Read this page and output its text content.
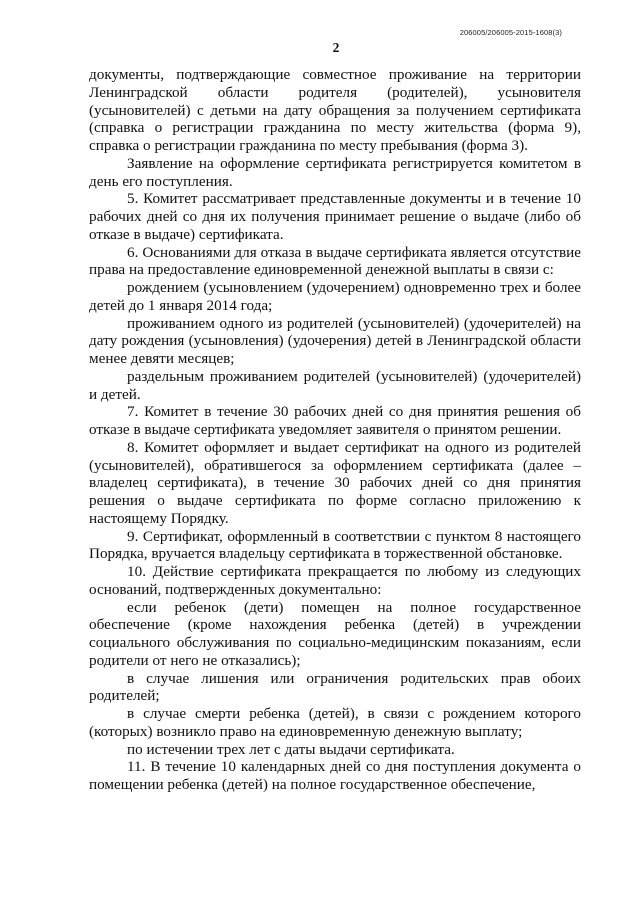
206005/206005-2015-1608(3)
2

документы, подтверждающие совместное проживание на территории Ленинградской области родителя (родителей), усыновителя (усыновителей) с детьми на дату обращения за получением сертификата (справка о регистрации гражданина по месту жительства (форма 9), справка о регистрации гражданина по месту пребывания (форма 3).

Заявление на оформление сертификата регистрируется комитетом в день его поступления.

5. Комитет рассматривает представленные документы и в течение 10 рабочих дней со дня их получения принимает решение о выдаче (либо об отказе в выдаче) сертификата.

6. Основаниями для отказа в выдаче сертификата является отсутствие права на предоставление единовременной денежной выплаты в связи с:

рождением (усыновлением (удочерением) одновременно трех и более детей до 1 января 2014 года;

проживанием одного из родителей (усыновителей) (удочерителей) на дату рождения (усыновления) (удочерения) детей в Ленинградской области менее девяти месяцев;

раздельным проживанием родителей (усыновителей) (удочерителей) и детей.

7. Комитет в течение 30 рабочих дней со дня принятия решения об отказе в выдаче сертификата уведомляет заявителя о принятом решении.

8. Комитет оформляет и выдает сертификат на одного из родителей (усыновителей), обратившегося за оформлением сертификата (далее – владелец сертификата), в течение 30 рабочих дней со дня принятия решения о выдаче сертификата по форме согласно приложению к настоящему Порядку.

9. Сертификат, оформленный в соответствии с пунктом 8 настоящего Порядка, вручается владельцу сертификата в торжественной обстановке.

10. Действие сертификата прекращается по любому из следующих оснований, подтвержденных документально:

если ребенок (дети) помещен на полное государственное обеспечение (кроме нахождения ребенка (детей) в учреждении социального обслуживания по социально-медицинским показаниям, если родители от него не отказались);

в случае лишения или ограничения родительских прав обоих родителей;

в случае смерти ребенка (детей), в связи с рождением которого (которых) возникло право на единовременную денежную выплату;

по истечении трех лет с даты выдачи сертификата.

11. В течение 10 календарных дней со дня поступления документа о помещении ребенка (детей) на полное государственное обеспечение,
